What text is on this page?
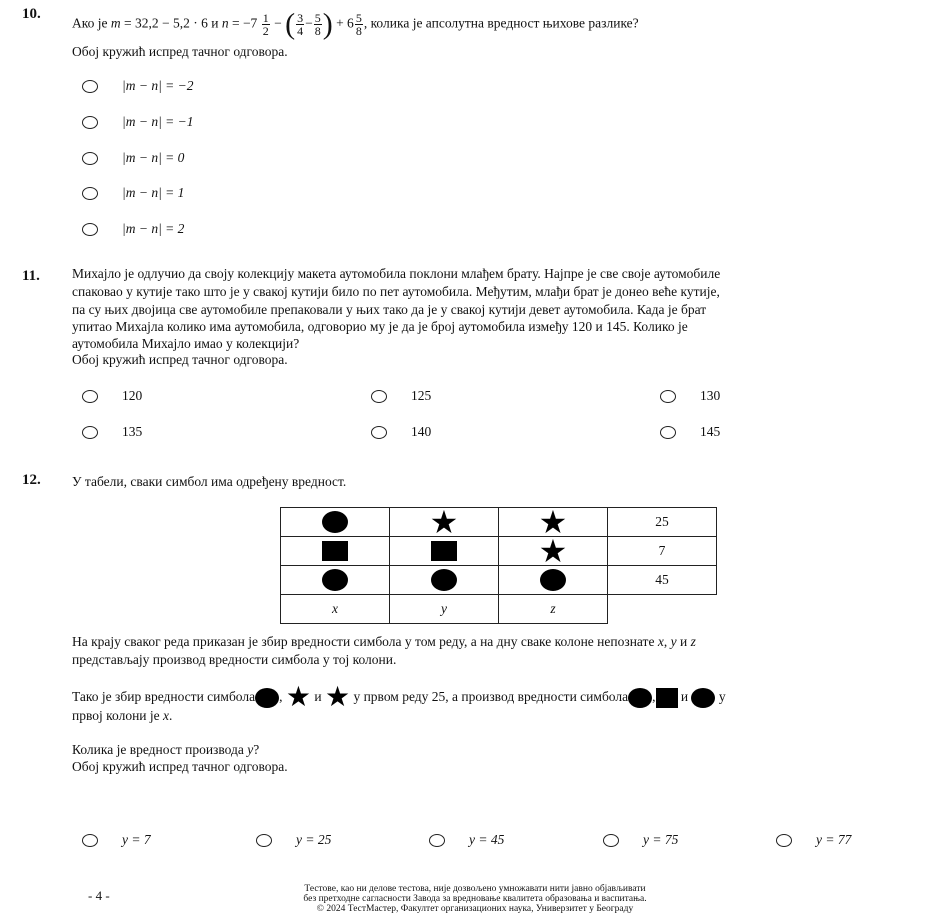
10.
Ако је m = 32,2 − 5,2 · 6 и $n = -7 \frac{1}{2}$ − ( $\frac{3}{4} - \frac{5}{8}$ ) + $6 \frac{5}{8}$ , колика је апсолутна вредност њихове разлике?
Обој кружић испред тачног одговора.
|m − n| = −2
|m − n| = −1
|m − n| = 0
|m − n| = 1
|m − n| = 2
11. Михајло је одлучио да своју колекцију макета аутомобила поклони млађем брату. Најпре је све своје аутомобиле
спаковао у кутије тако што је у свакој кутији било по пет аутомобила. Међутим, млађи брат је донео веће кутије,
па су њих двојица све аутомобиле препаковали у њих тако да је у свакој кутији девет аутомобила. Када је брат
упитао Михајла колико има аутомобила, одговорио му је да је број аутомобила између 120 и 145. Колико је
аутомобила Михајло имао у колекцији?
Обој кружић испред тачног одговора.
120	125	130
135	140	145
12. У табели, сваки симбол има одређену вредност.
	★	★	25
		★	7
			45
x	y	z	
На крају сваког реда приказан је збир вредности симбола у том реду, а на дну сваке колоне непознате x, y и z
представљају производ вредности симбола у тој колони.
Тако је збир вредности симбола , ★ и ★ у првом реду 25, а производ вредности симбола , и  у
првој колони је x.
Колика је вредност производа y?
Обој кружић испред тачног одговора.
y = 7	y = 25	y = 45	y = 75	y = 77
- 4 -	Тестове, као ни делове тестова, није дозвољено умножавати нити јавно објављивати
без претходне сагласности Завода за вредновање квалитета образовања и васпитања.
© 2024 ТестМастер, Факултет организационих наука, Универзитет у Београду
